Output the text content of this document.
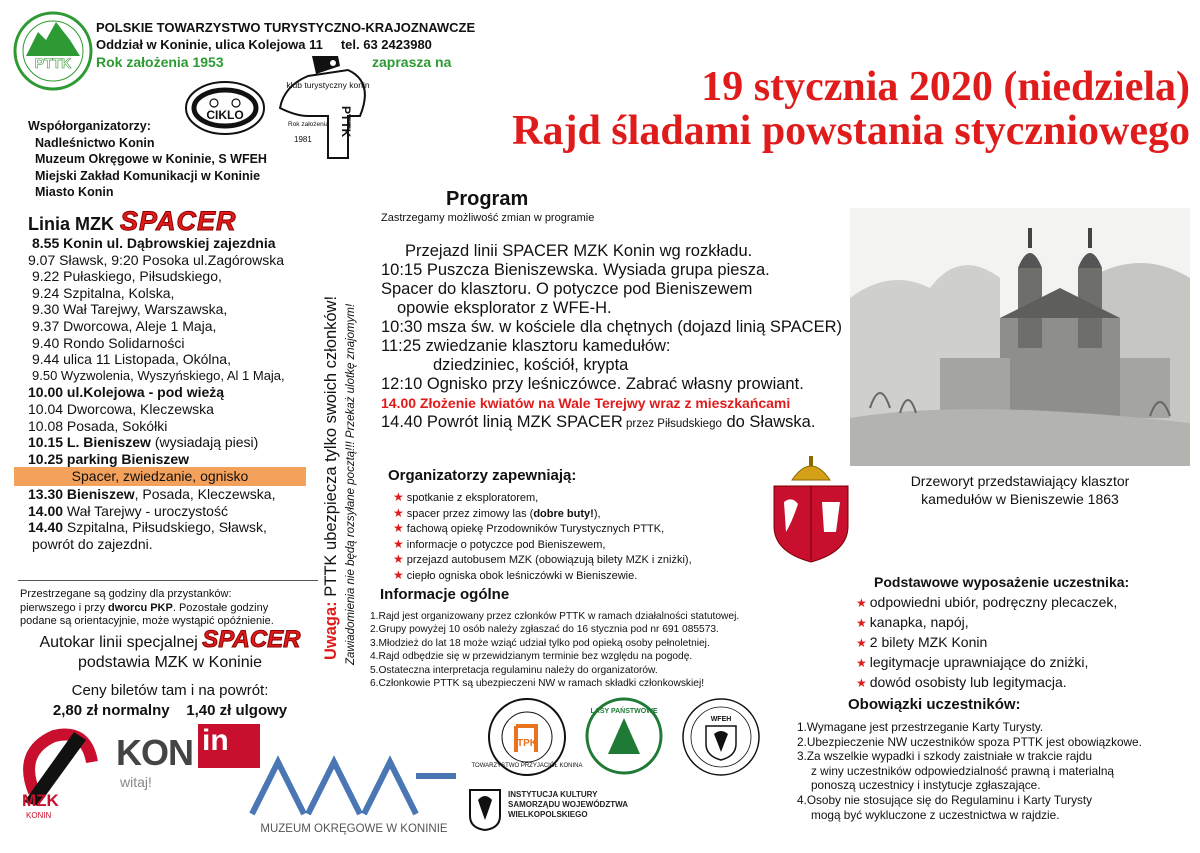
PTTK
POLSKIE TOWARZYSTWO TURYSTYCZNO-KRAJOZNAWCZE
Oddział w Koninie, ulica Kolejowa 11 tel. 63 2423980
Rok założenia 1953	zaprasza na
CIKLO
klub turystyczny konin
Rok założenia
1981
PTTK
19 stycznia 2020 (niedziela)
Rajd śladami powstania styczniowego
Współorganizatorzy:
Nadleśnictwo Konin
Muzeum Okręgowe w Koninie, S WFEH
Miejski Zakład Komunikacji w Koninie
Miasto Konin
Linia MZK SPACER
8.55 Konin ul. Dąbrowskiej zajezdnia
9.07 Sławsk, 9:20 Posoka ul.Zagórowska
9.22 Pułaskiego, Piłsudskiego,
9.24 Szpitalna, Kolska,
9.30 Wał Tarejwy, Warszawska,
9.37 Dworcowa, Aleje 1 Maja,
9.40 Rondo Solidarności
9.44 ulica 11 Listopada, Okólna,
9.50 Wyzwolenia, Wyszyńskiego, Al 1 Maja,
10.00 ul.Kolejowa - pod wieżą
10.04 Dworcowa, Kleczewska
10.08 Posada, Sokółki
10.15 L. Bieniszew (wysiadają piesi)
10.25 parking Bieniszew
Spacer, zwiedzanie, ognisko
13.30 Bieniszew, Posada, Kleczewska,
14.00 Wał Tarejwy - uroczystość
14.40 Szpitalna, Piłsudskiego, Sławsk,
powrót do zajezdni.
Przestrzegane są godziny dla przystanków:
pierwszego i przy dworcu PKP. Pozostałe godziny
podane są orientacyjnie, może wystąpić opóźnienie.
Autokar linii specjalnej SPACER
podstawia MZK w Koninie
Ceny biletów tam i na powrót:
2,80 zł normalny 1,40 zł ulgowy
Uwaga: PTTK ubezpiecza tylko swoich członków! Zawiadomienia nie będą rozsyłane pocztą!!! Przekaż ulotkę znajomym!
Program
Zastrzegamy możliwość zmian w programie
Przejazd linii SPACER MZK Konin wg rozkładu.
10:15 Puszcza Bieniszewska. Wysiada grupa piesza.
Spacer do klasztoru. O potyczce pod Bieniszewem
opowie eksplorator z WFE-H.
10:30 msza św. w kościele dla chętnych (dojazd linią SPACER)
11:25 zwiedzanie klasztoru kamedułów:
dziedziniec, kościół, krypta
12:10 Ognisko przy leśniczówce. Zabrać własny prowiant.
14.00 Złożenie kwiatów na Wale Terejwy wraz z mieszkańcami
14.40 Powrót linią MZK SPACER przez Piłsudskiego do Sławska.
Drzeworyt przedstawiający klasztor
kamedułów w Bieniszewie 1863
Organizatorzy zapewniają:
★ spotkanie z eksploratorem,
★ spacer przez zimowy las (dobre buty!),
★ fachową opiekę Przodowników Turystycznych PTTK,
★ informacje o potyczce pod Bieniszewem,
★ przejazd autobusem MZK (obowiązują bilety MZK i zniżki),
★ ciepło ogniska obok leśniczówki w Bieniszewie.
Informacje ogólne
1.Rajd jest organizowany przez członków PTTK w ramach działalności statutowej.
2.Grupy powyżej 10 osób należy zgłaszać do 16 stycznia pod nr 691 085573.
3.Młodzież do lat 18 może wziąć udział tylko pod opieką osoby pełnoletniej.
4.Rajd odbędzie się w przewidzianym terminie bez względu na pogodę.
5.Ostateczna interpretacja regulaminu należy do organizatorów.
6.Członkowie PTTK są ubezpieczeni NW w ramach składki członkowskiej!
Podstawowe wyposażenie uczestnika:
★ odpowiedni ubiór, podręczny plecaczek,
★ kanapka, napój,
★ 2 bilety MZK Konin
★ legitymacje uprawniające do zniżki,
★ dowód osobisty lub legitymacja.
Obowiązki uczestników:
1.Wymagane jest przestrzeganie Karty Turysty.
2.Ubezpieczenie NW uczestników spoza PTTK jest obowiązkowe.
3.Za wszelkie wypadki i szkody zaistniałe w trakcie rajdu
z winy uczestników odpowiedzialność prawną i materialną
ponoszą uczestnicy i instytucje zgłaszające.
4.Osoby nie stosujące się do Regulaminu i Karty Turysty
mogą być wykluczone z uczestnictwa w rajdzie.
MZK
KONIN
KON in
witaj!
MUZEUM OKRĘGOWE W KONINIE
INSTYTUCJA KULTURY
SAMORZĄDU WOJEWÓDZTWA
WIELKOPOLSKIEGO
TOWARZYSTWO PRZYJACIÓŁ KONINA
TPK
LASY PAŃSTWOWE
WFEH
